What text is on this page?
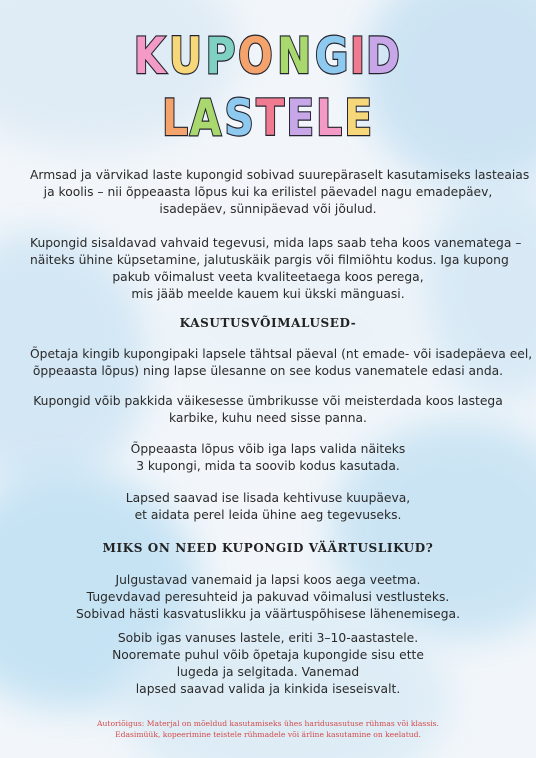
KUPONGID
LASTELE
Armsad ja värvikad laste kupongid sobivad suurepäraselt kasutamiseks lasteaias
ja koolis – nii õppeaasta lõpus kui ka erilistel päevadel nagu emadepäev,
isadepäev, sünnipäevad või jõulud.
Kupongid sisaldavad vahvaid tegevusi, mida laps saab teha koos vanematega –
näiteks ühine küpsetamine, jalutuskäik pargis või filmiõhtu kodus. Iga kupong
pakub võimalust veeta kvaliteetaega koos perega,
mis jääb meelde kauem kui ükski mänguasi.
KASUTUSVÕIMALUSED-
Õpetaja kingib kupongipaki lapsele tähtsal päeval (nt emade- või isadepäeva eel,
õppeaasta lõpus) ning lapse ülesanne on see kodus vanematele edasi anda.
Kupongid võib pakkida väikesesse ümbrikusse või meisterdada koos lastega
karbike, kuhu need sisse panna.
Õppeaasta lõpus võib iga laps valida näiteks
3 kupongi, mida ta soovib kodus kasutada.
Lapsed saavad ise lisada kehtivuse kuupäeva,
et aidata perel leida ühine aeg tegevuseks.
MIKS ON NEED KUPONGID VÄÄRTUSLIKUD?
Julgustavad vanemaid ja lapsi koos aega veetma.
Tugevdavad peresuhteid ja pakuvad võimalusi vestlusteks.
Sobivad hästi kasvatuslikku ja väärtuspõhisese lähenemisega.
Sobib igas vanuses lastele, eriti 3–10-aastastele.
Nooremate puhul võib õpetaja kupongide sisu ette
lugeda ja selgitada. Vanemad
lapsed saavad valida ja kinkida iseseisvalt.
Autoriõigus: Materjal on mõeldud kasutamiseks ühes haridusasutuse rühmas või klassis.
Edasimüük, kopeerimine teistele rühmadele või ärline kasutamine on keelatud.
